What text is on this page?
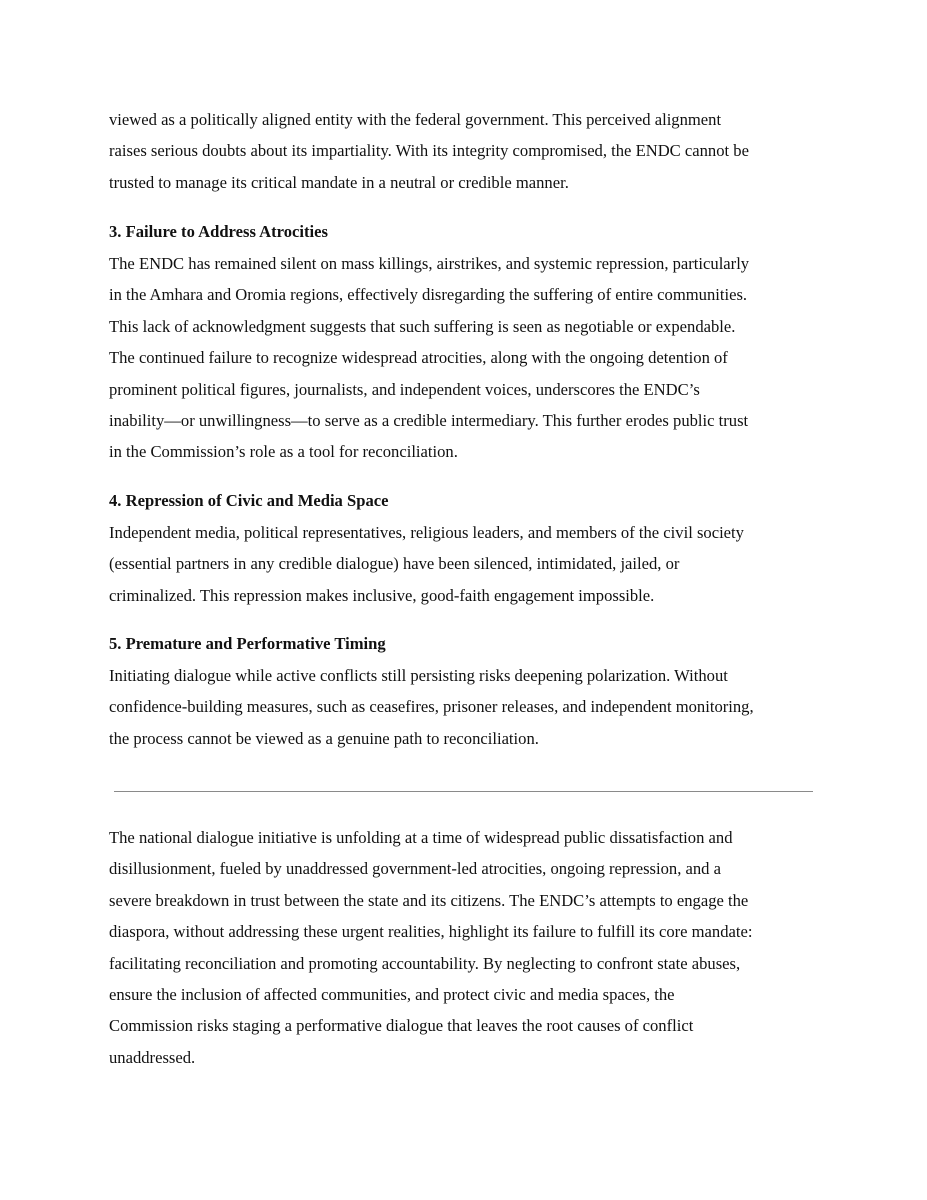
viewed as a politically aligned entity with the federal government. This perceived alignment
raises serious doubts about its impartiality. With its integrity compromised, the ENDC cannot be
trusted to manage its critical mandate in a neutral or credible manner.

3. Failure to Address Atrocities

The ENDC has remained silent on mass killings, airstrikes, and systemic repression, particularly
in the Amhara and Oromia regions, effectively disregarding the suffering of entire communities.
This lack of acknowledgment suggests that such suffering is seen as negotiable or expendable.
The continued failure to recognize widespread atrocities, along with the ongoing detention of
prominent political figures, journalists, and independent voices, underscores the ENDC’s
inability—or unwillingness—to serve as a credible intermediary. This further erodes public trust
in the Commission’s role as a tool for reconciliation.

4. Repression of Civic and Media Space

Independent media, political representatives, religious leaders, and members of the civil society
(essential partners in any credible dialogue) have been silenced, intimidated, jailed, or
criminalized. This repression makes inclusive, good-faith engagement impossible.

5. Premature and Performative Timing

Initiating dialogue while active conflicts still persisting risks deepening polarization. Without
confidence-building measures, such as ceasefires, prisoner releases, and independent monitoring,
the process cannot be viewed as a genuine path to reconciliation.

The national dialogue initiative is unfolding at a time of widespread public dissatisfaction and
disillusionment, fueled by unaddressed government-led atrocities, ongoing repression, and a
severe breakdown in trust between the state and its citizens. The ENDC’s attempts to engage the
diaspora, without addressing these urgent realities, highlight its failure to fulfill its core mandate:
facilitating reconciliation and promoting accountability. By neglecting to confront state abuses,
ensure the inclusion of affected communities, and protect civic and media spaces, the
Commission risks staging a performative dialogue that leaves the root causes of conflict
unaddressed.
